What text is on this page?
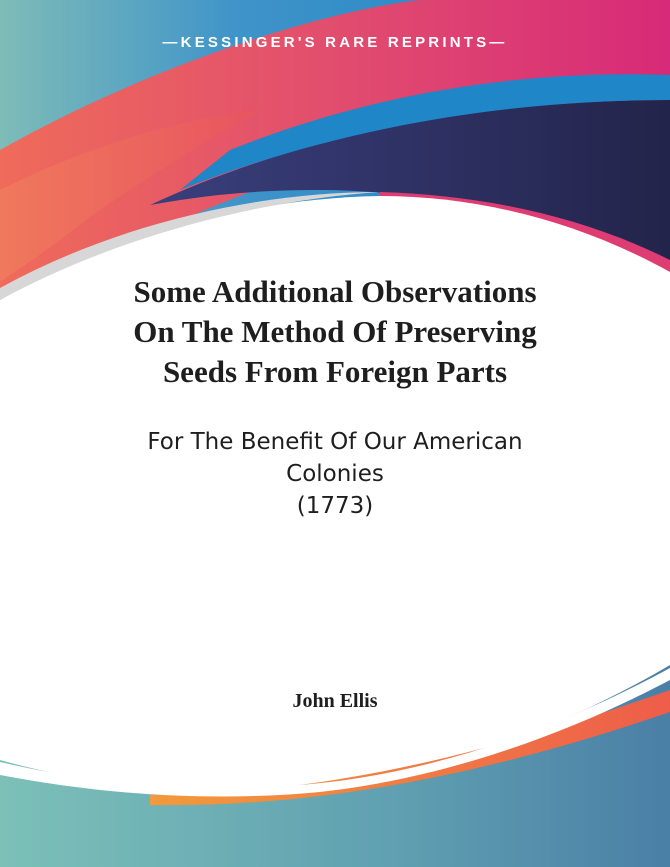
—KESSINGER'S RARE REPRINTS—
Some Additional Observations
On The Method Of Preserving
Seeds From Foreign Parts
For The Benefit Of Our American
Colonies
(1773)
John Ellis
